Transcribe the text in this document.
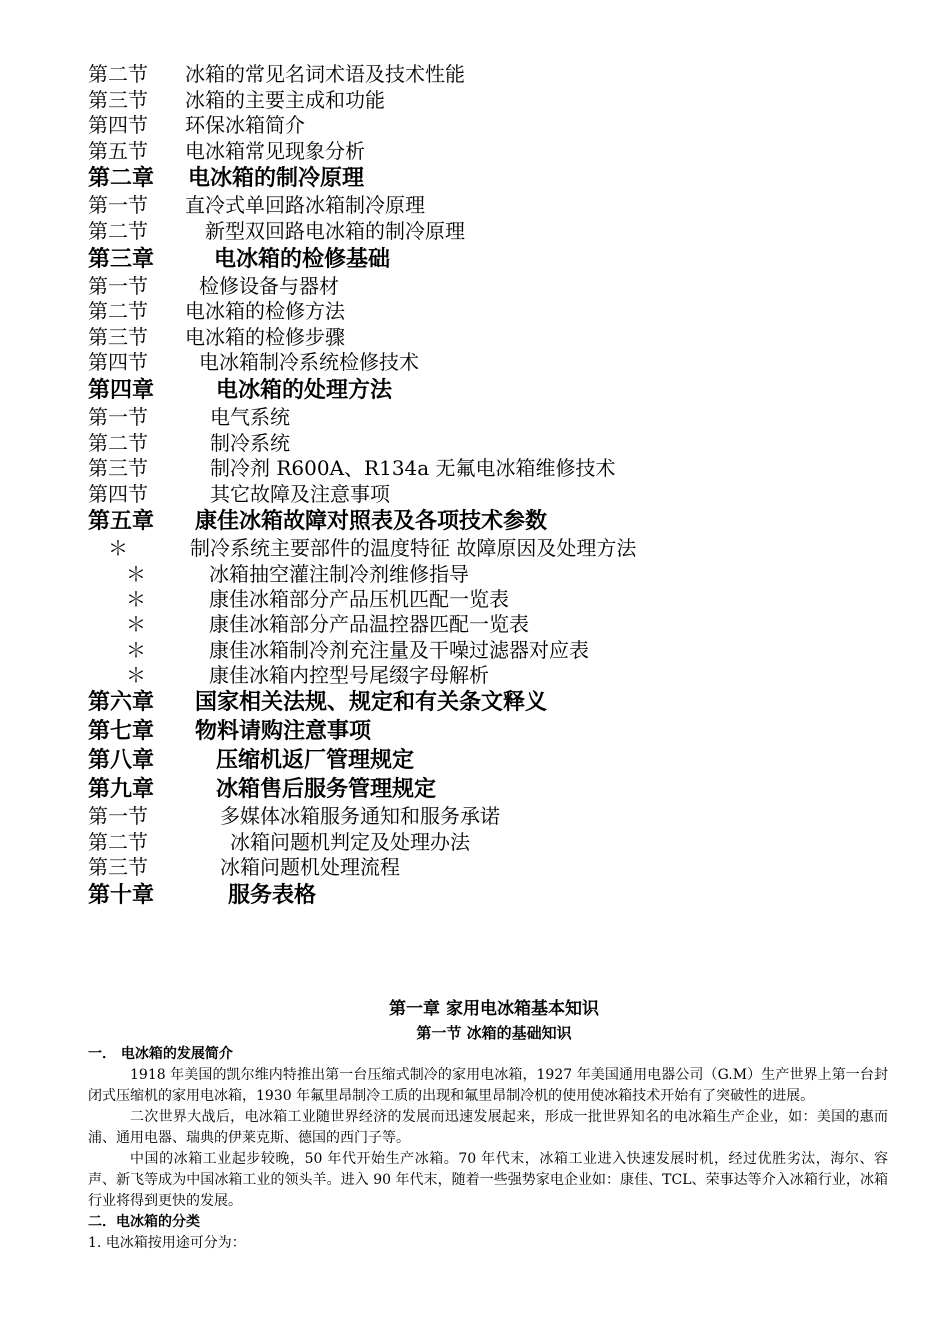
第二节 冰箱的常见名词术语及技术性能
第三节 冰箱的主要主成和功能
第四节 环保冰箱简介
第五节 电冰箱常见现象分析
第二章 电冰箱的制冷原理
第一节 直冷式单回路冰箱制冷原理
第二节	新型双回路电冰箱的制冷原理
第三章	电冰箱的检修基础
第一节	检修设备与器材
第二节 电冰箱的检修方法
第三节 电冰箱的检修步骤
第四节	电冰箱制冷系统检修技术
第四章	电冰箱的处理方法
第一节	电气系统
第二节	制冷系统
第三节	制冷剂 R600A、R134a 无氟电冰箱维修技术
第四节	其它故障及注意事项
第五章 康佳冰箱故障对照表及各项技术参数
＊	制冷系统主要部件的温度特征 故障原因及处理方法
＊	冰箱抽空灌注制冷剂维修指导
＊	康佳冰箱部分产品压机匹配一览表
＊	康佳冰箱部分产品温控器匹配一览表
＊	康佳冰箱制冷剂充注量及干噪过滤器对应表
＊	康佳冰箱内控型号尾缀字母解析
第六章 国家相关法规、规定和有关条文释义
第七章 物料请购注意事项
第八章	压缩机返厂管理规定
第九章	冰箱售后服务管理规定
第一节	多媒体冰箱服务通知和服务承诺
第二节	冰箱问题机判定及处理办法
第三节	冰箱问题机处理流程
第十章	服务表格
第一章 家用电冰箱基本知识
第一节 冰箱的基础知识
一． 电冰箱的发展简介
1918 年美国的凯尔维内特推出第一台压缩式制冷的家用电冰箱，1927 年美国通用电器公司（G.M）生产世界上第一台封闭式压缩机的家用电冰箱，1930 年氟里昂制冷工质的出现和氟里昂制冷机的使用使冰箱技术开始有了突破性的进展。
二次世界大战后，电冰箱工业随世界经济的发展而迅速发展起来，形成一批世界知名的电冰箱生产企业，如：美国的惠而浦、通用电器、瑞典的伊莱克斯、德国的西门子等。
中国的冰箱工业起步较晚，50 年代开始生产冰箱。70 年代末，冰箱工业进入快速发展时机，经过优胜劣汰，海尔、容声、新飞等成为中国冰箱工业的领头羊。进入 90 年代末，随着一些强势家电企业如：康佳、TCL、荣事达等介入冰箱行业，冰箱行业将得到更快的发展。
二．电冰箱的分类
1. 电冰箱按用途可分为：
